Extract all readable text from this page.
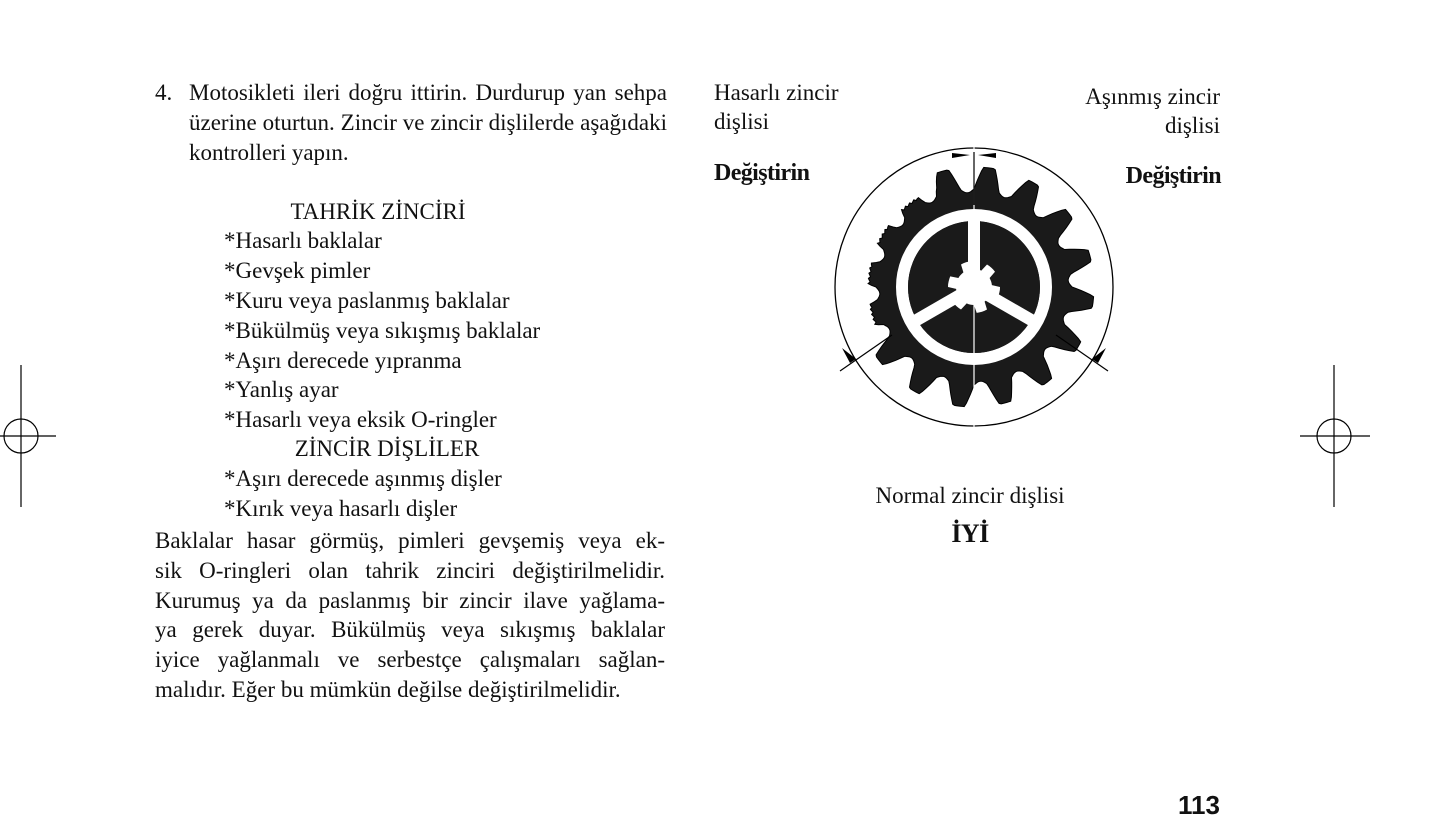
4. Motosikleti ileri doğru ittirin. Durdurup yan sehpa üzerine oturtun. Zincir ve zincir dişlilerde aşağıdaki kontrolleri yapın.
TAHRİK ZİNCİRİ
*Hasarlı baklalar
*Gevşek pimler
*Kuru veya paslanmış baklalar
*Bükülmüş veya sıkışmış baklalar
*Aşırı derecede yıpranma
*Yanlış ayar
*Hasarlı veya eksik O-ringler
ZİNCİR DİŞLİLER
*Aşırı derecede aşınmış dişler
*Kırık veya hasarlı dişler
Baklalar hasar görmüş, pimleri gevşemiş veya ek-
sik O-ringleri olan tahrik zinciri değiştirilmelidir.
Kurumuş ya da paslanmış bir zincir ilave yağlama-
ya gerek duyar. Bükülmüş veya sıkışmış baklalar
iyice yağlanmalı ve serbestçe çalışmaları sağlan-
malıdır. Eğer bu mümkün değilse değiştirilmelidir.
Hasarlı zincir
dişlisi
Değiştirin
Aşınmış zincir
dişlisi
Değiştirin
Normal zincir dişlisi
İYİ
113
